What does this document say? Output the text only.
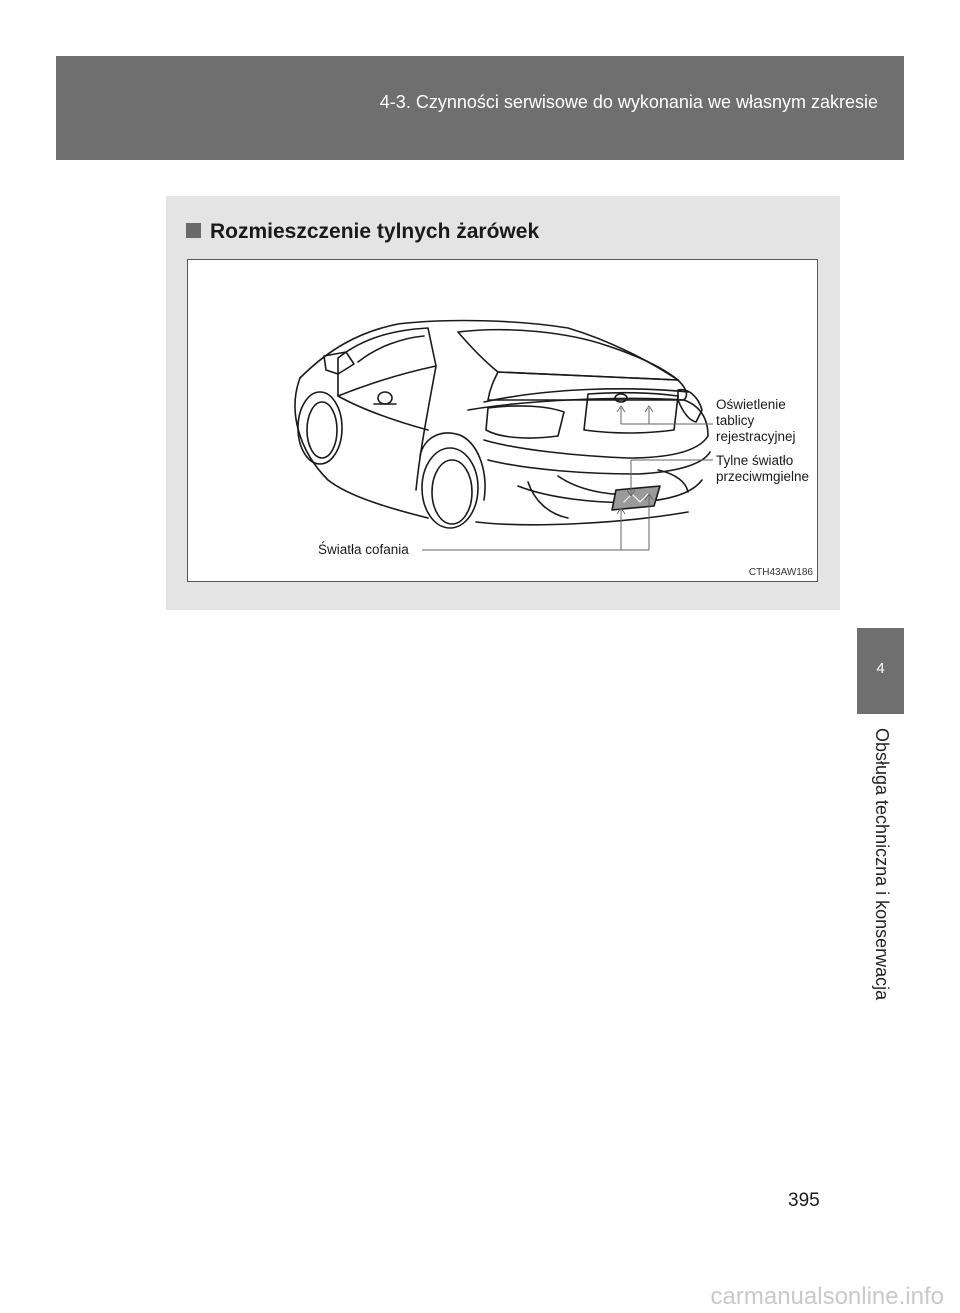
4-3. Czynności serwisowe do wykonania we własnym zakresie
4
Obsługa techniczna i konserwacja
Rozmieszczenie tylnych żarówek
Oświetlenie
tablicy
rejestracyjnej
Tylne światło
przeciwmgielne
Światła cofania
CTH43AW186
395
carmanualsonline.info
